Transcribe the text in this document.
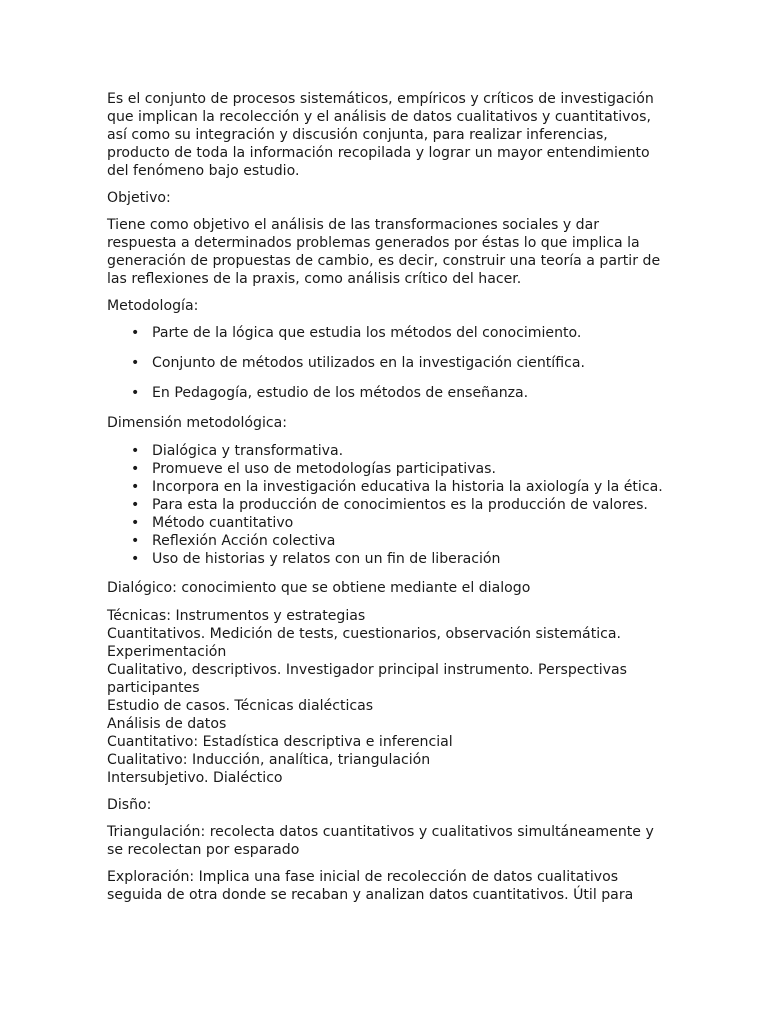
Es el conjunto de procesos sistemáticos, empíricos y críticos de investigación que implican la recolección y el análisis de datos cualitativos y cuantitativos, así como su integración y discusión conjunta, para realizar inferencias, producto de toda la información recopilada y lograr un mayor entendimiento del fenómeno bajo estudio.

Objetivo:

Tiene como objetivo el análisis de las transformaciones sociales y dar respuesta a determinados problemas generados por éstas lo que implica la generación de propuestas de cambio, es decir, construir una teoría a partir de las reflexiones de la praxis, como análisis crítico del hacer.

Metodología:

• Parte de la lógica que estudia los métodos del conocimiento.
• Conjunto de métodos utilizados en la investigación científica.
• En Pedagogía, estudio de los métodos de enseñanza.

Dimensión metodológica:

• Dialógica y transformativa.
• Promueve el uso de metodologías participativas.
• Incorpora en la investigación educativa la historia la axiología y la ética.
• Para esta la producción de conocimientos es la producción de valores.
• Método cuantitativo
• Reflexión Acción colectiva
• Uso de historias y relatos con un fin de liberación

Dialógico: conocimiento que se obtiene mediante el dialogo

Técnicas: Instrumentos y estrategias
Cuantitativos. Medición de tests, cuestionarios, observación sistemática. Experimentación
Cualitativo, descriptivos. Investigador principal instrumento. Perspectivas participantes
Estudio de casos. Técnicas dialécticas
Análisis de datos
Cuantitativo: Estadística descriptiva e inferencial
Cualitativo: Inducción, analítica, triangulación
Intersubjetivo. Dialéctico

Disño:

Triangulación: recolecta datos cuantitativos y cualitativos simultáneamente y se recolectan por esparado

Exploración: Implica una fase inicial de recolección de datos cualitativos seguida de otra donde se recaban y analizan datos cuantitativos. Útil para
